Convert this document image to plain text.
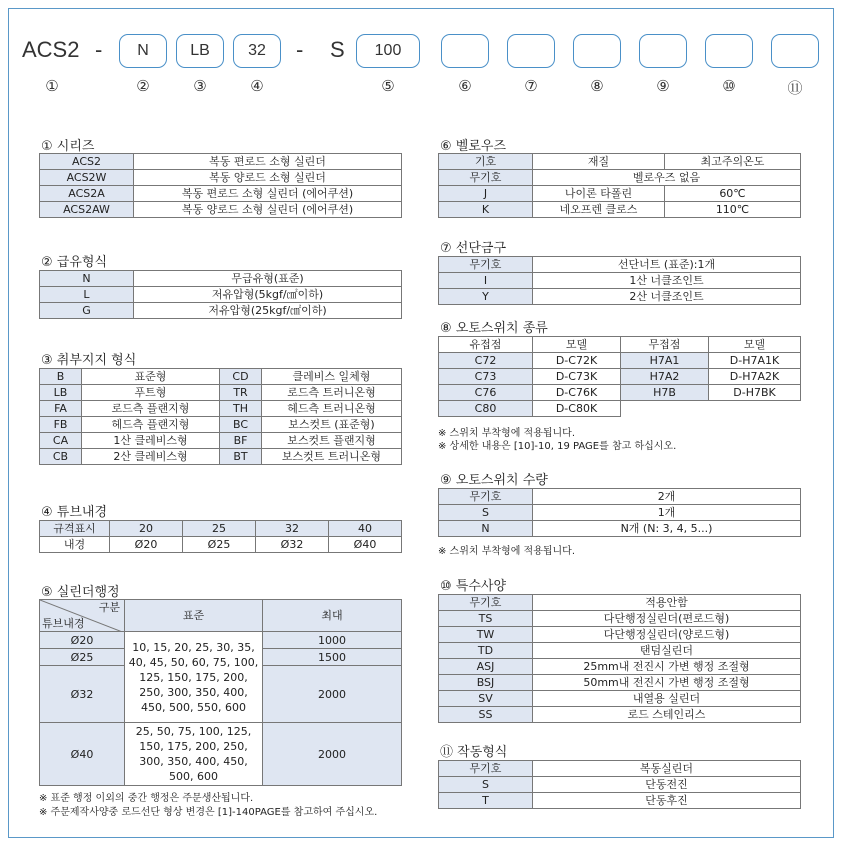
ACS2 -	N	LB	32	- S	100
①	②	③	④	⑤	⑥	⑦	⑧	⑨	⑩	⑪
① 시리즈
ACS2	복동 편로드 소형 실린더
ACS2W	복동 양로드 소형 실린더
ACS2A	복동 편로드 소형 실린더 (에어쿠션)
ACS2AW	복동 양로드 소형 실린더 (에어쿠션)
② 급유형식
N	무급유형(표준)
L	저유압형(5kgf/㎠이하)
G	저유압형(25kgf/㎠이하)
③ 취부지지 형식
B	표준형	CD	클레비스 일체형
LB	푸트형	TR	로드측 트러니온형
FA	로드측 플랜지형	TH	헤드측 트러니온형
FB	헤드측 플랜지형	BC	보스컷트 (표준형)
CA	1산 클레비스형	BF	보스컷트 플랜지형
CB	2산 클레비스형	BT	보스컷트 트러니온형
④ 튜브내경
규격표시	20	25	32	40
내경	Ø20	Ø25	Ø32	Ø40
⑤ 실린더행정
구분
튜브내경	표준	최대
Ø20	10, 15, 20, 25, 30, 35, 40, 45, 50, 60, 75, 100, 125, 150, 175, 200, 250, 300, 350, 400, 450, 500, 550, 600	1000
Ø25		1500
Ø32		2000
Ø40	25, 50, 75, 100, 125, 150, 175, 200, 250, 300, 350, 400, 450, 500, 600	2000
※ 표준 행정 이외의 중간 행정은 주문생산됩니다.
※ 주문제작사양중 로드선단 형상 변경은 [1]-140PAGE를 참고하여 주십시오.
⑥ 벨로우즈
기호	재질	최고주의온도
무기호	벨로우즈 없음	
J	나이론 타폴린	60℃
K	네오프렌 클로스	110℃
⑦ 선단금구
무기호	선단너트 (표준):1개
I	1산 너클조인트
Y	2산 너클조인트
⑧ 오토스위치 종류
유접점	모델	무접점	모델
C72	D-C72K	H7A1	D-H7A1K
C73	D-C73K	H7A2	D-H7A2K
C76	D-C76K	H7B	D-H7BK
C80	D-C80K		
※ 스위치 부착형에 적용됩니다.
※ 상세한 내용은 [10]-10, 19 PAGE를 참고 하십시오.
⑨ 오토스위치 수량
무기호	2개
S	1개
N	N개 (N: 3, 4, 5...)
※ 스위치 부착형에 적용됩니다.
⑩ 특수사양
무기호	적용안함
TS	다단행정실린더(편로드형)
TW	다단행정실린더(양로드형)
TD	탠덤실린더
ASJ	25mm내 전진시 가변 행정 조절형
BSJ	50mm내 전진시 가변 행정 조절형
SV	내열용 실린더
SS	로드 스테인리스
⑪ 작동형식
무기호	복동실린더
S	단동전진
T	단동후진
